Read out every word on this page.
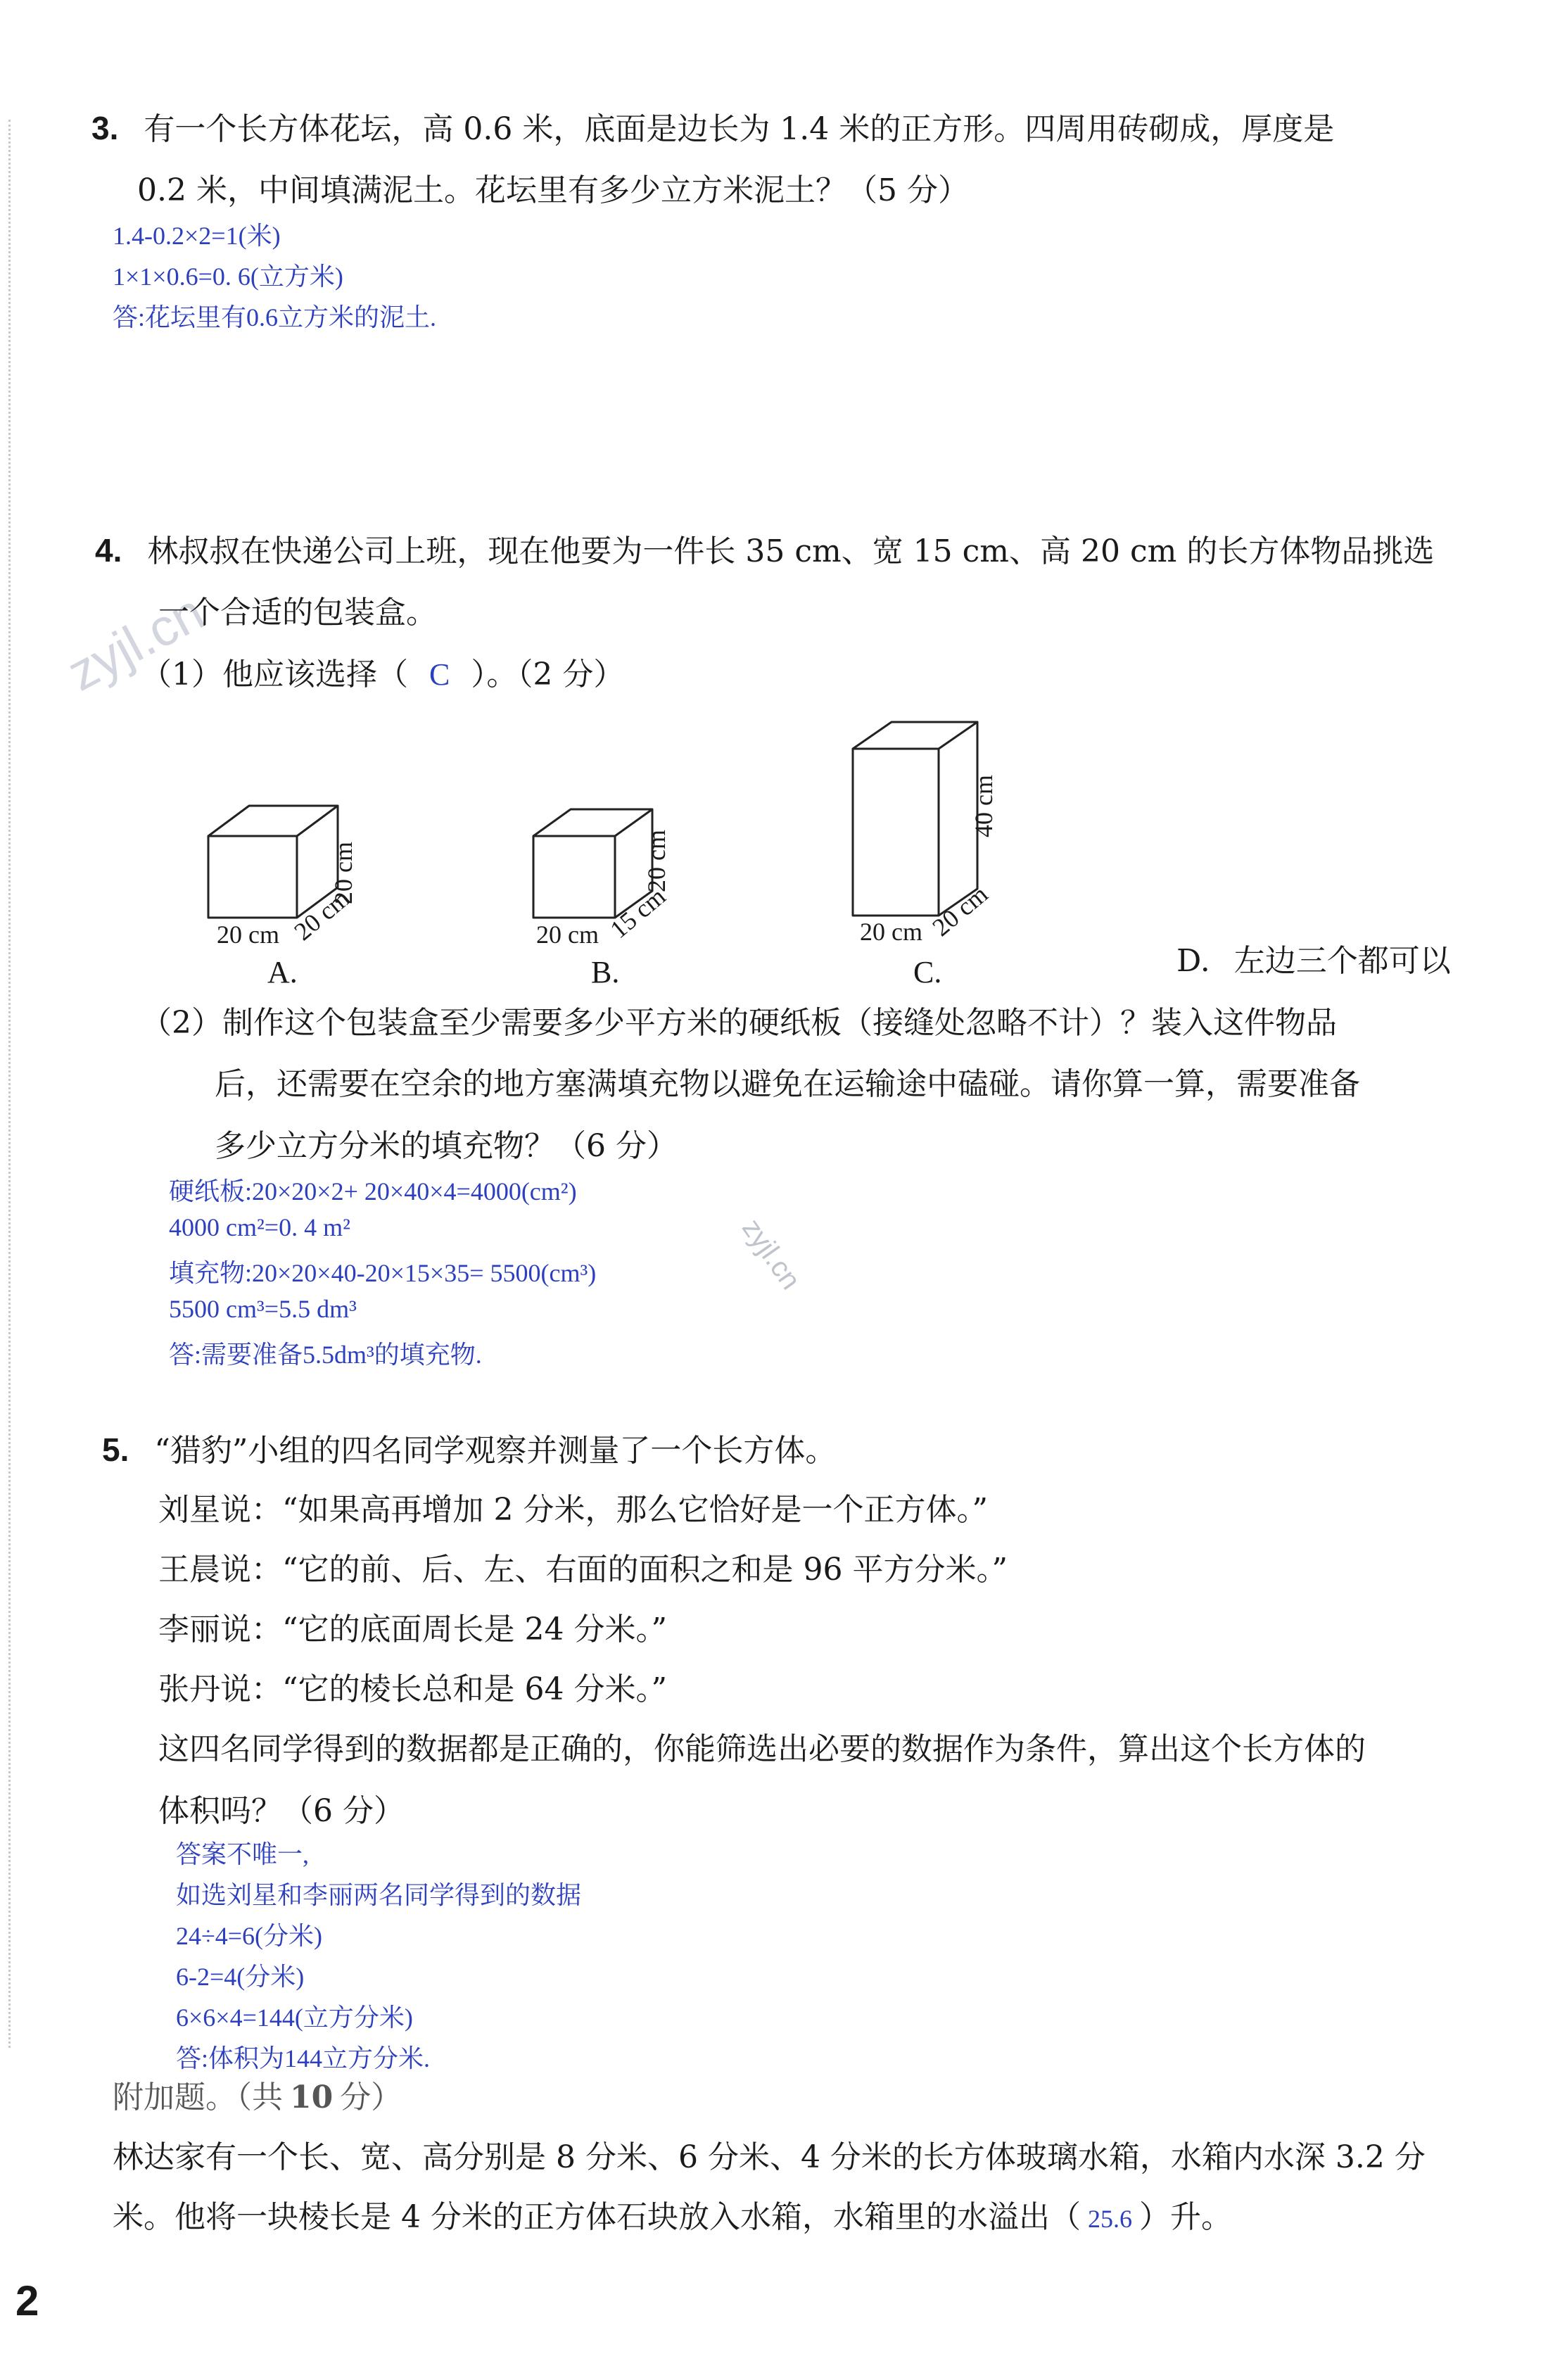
zyjl.cn
zyjl.cn
3. 有一个长方体花坛，高 0.6 米，底面是边长为 1.4 米的正方形。四周用砖砌成，厚度是
0.2 米，中间填满泥土。花坛里有多少立方米泥土？（5 分）
1.4-0.2×2=1(米)
1×1×0.6=0. 6(立方米)
答:花坛里有0.6立方米的泥土.
4. 林叔叔在快递公司上班，现在他要为一件长 35 cm、宽 15 cm、高 20 cm 的长方体物品挑选
一个合适的包装盒。
（1）他应该选择（ C ）。（2 分）
20 cm 20 cm
20 cm
A.
20 cm 15 cm
20 cm
B.
20 cm 20 cm
40 cm
C.	D. 左边三个都可以
（2）制作这个包装盒至少需要多少平方米的硬纸板（接缝处忽略不计）？装入这件物品
后，还需要在空余的地方塞满填充物以避免在运输途中磕碰。请你算一算，需要准备
多少立方分米的填充物？（6 分）
硬纸板:20×20×2+ 20×40×4=4000(cm²)
4000 cm²=0. 4 m²
填充物:20×20×40-20×15×35= 5500(cm³)
5500 cm³=5.5 dm³
答:需要准备5.5dm³的填充物.
5. “猎豹”小组的四名同学观察并测量了一个长方体。
刘星说：“如果高再增加 2 分米，那么它恰好是一个正方体。”
王晨说：“它的前、后、左、右面的面积之和是 96 平方分米。”
李丽说：“它的底面周长是 24 分米。”
张丹说：“它的棱长总和是 64 分米。”
这四名同学得到的数据都是正确的，你能筛选出必要的数据作为条件，算出这个长方体的
体积吗？（6 分）
答案不唯一,
如选刘星和李丽两名同学得到的数据
24÷4=6(分米)
6-2=4(分米)
6×6×4=144(立方分米)
答:体积为144立方分米.
附加题。（共 10 分）
林达家有一个长、宽、高分别是 8 分米、6 分米、4 分米的长方体玻璃水箱，水箱内水深 3.2 分
米。他将一块棱长是 4 分米的正方体石块放入水箱，水箱里的水溢出（ 25.6 ）升。
2
